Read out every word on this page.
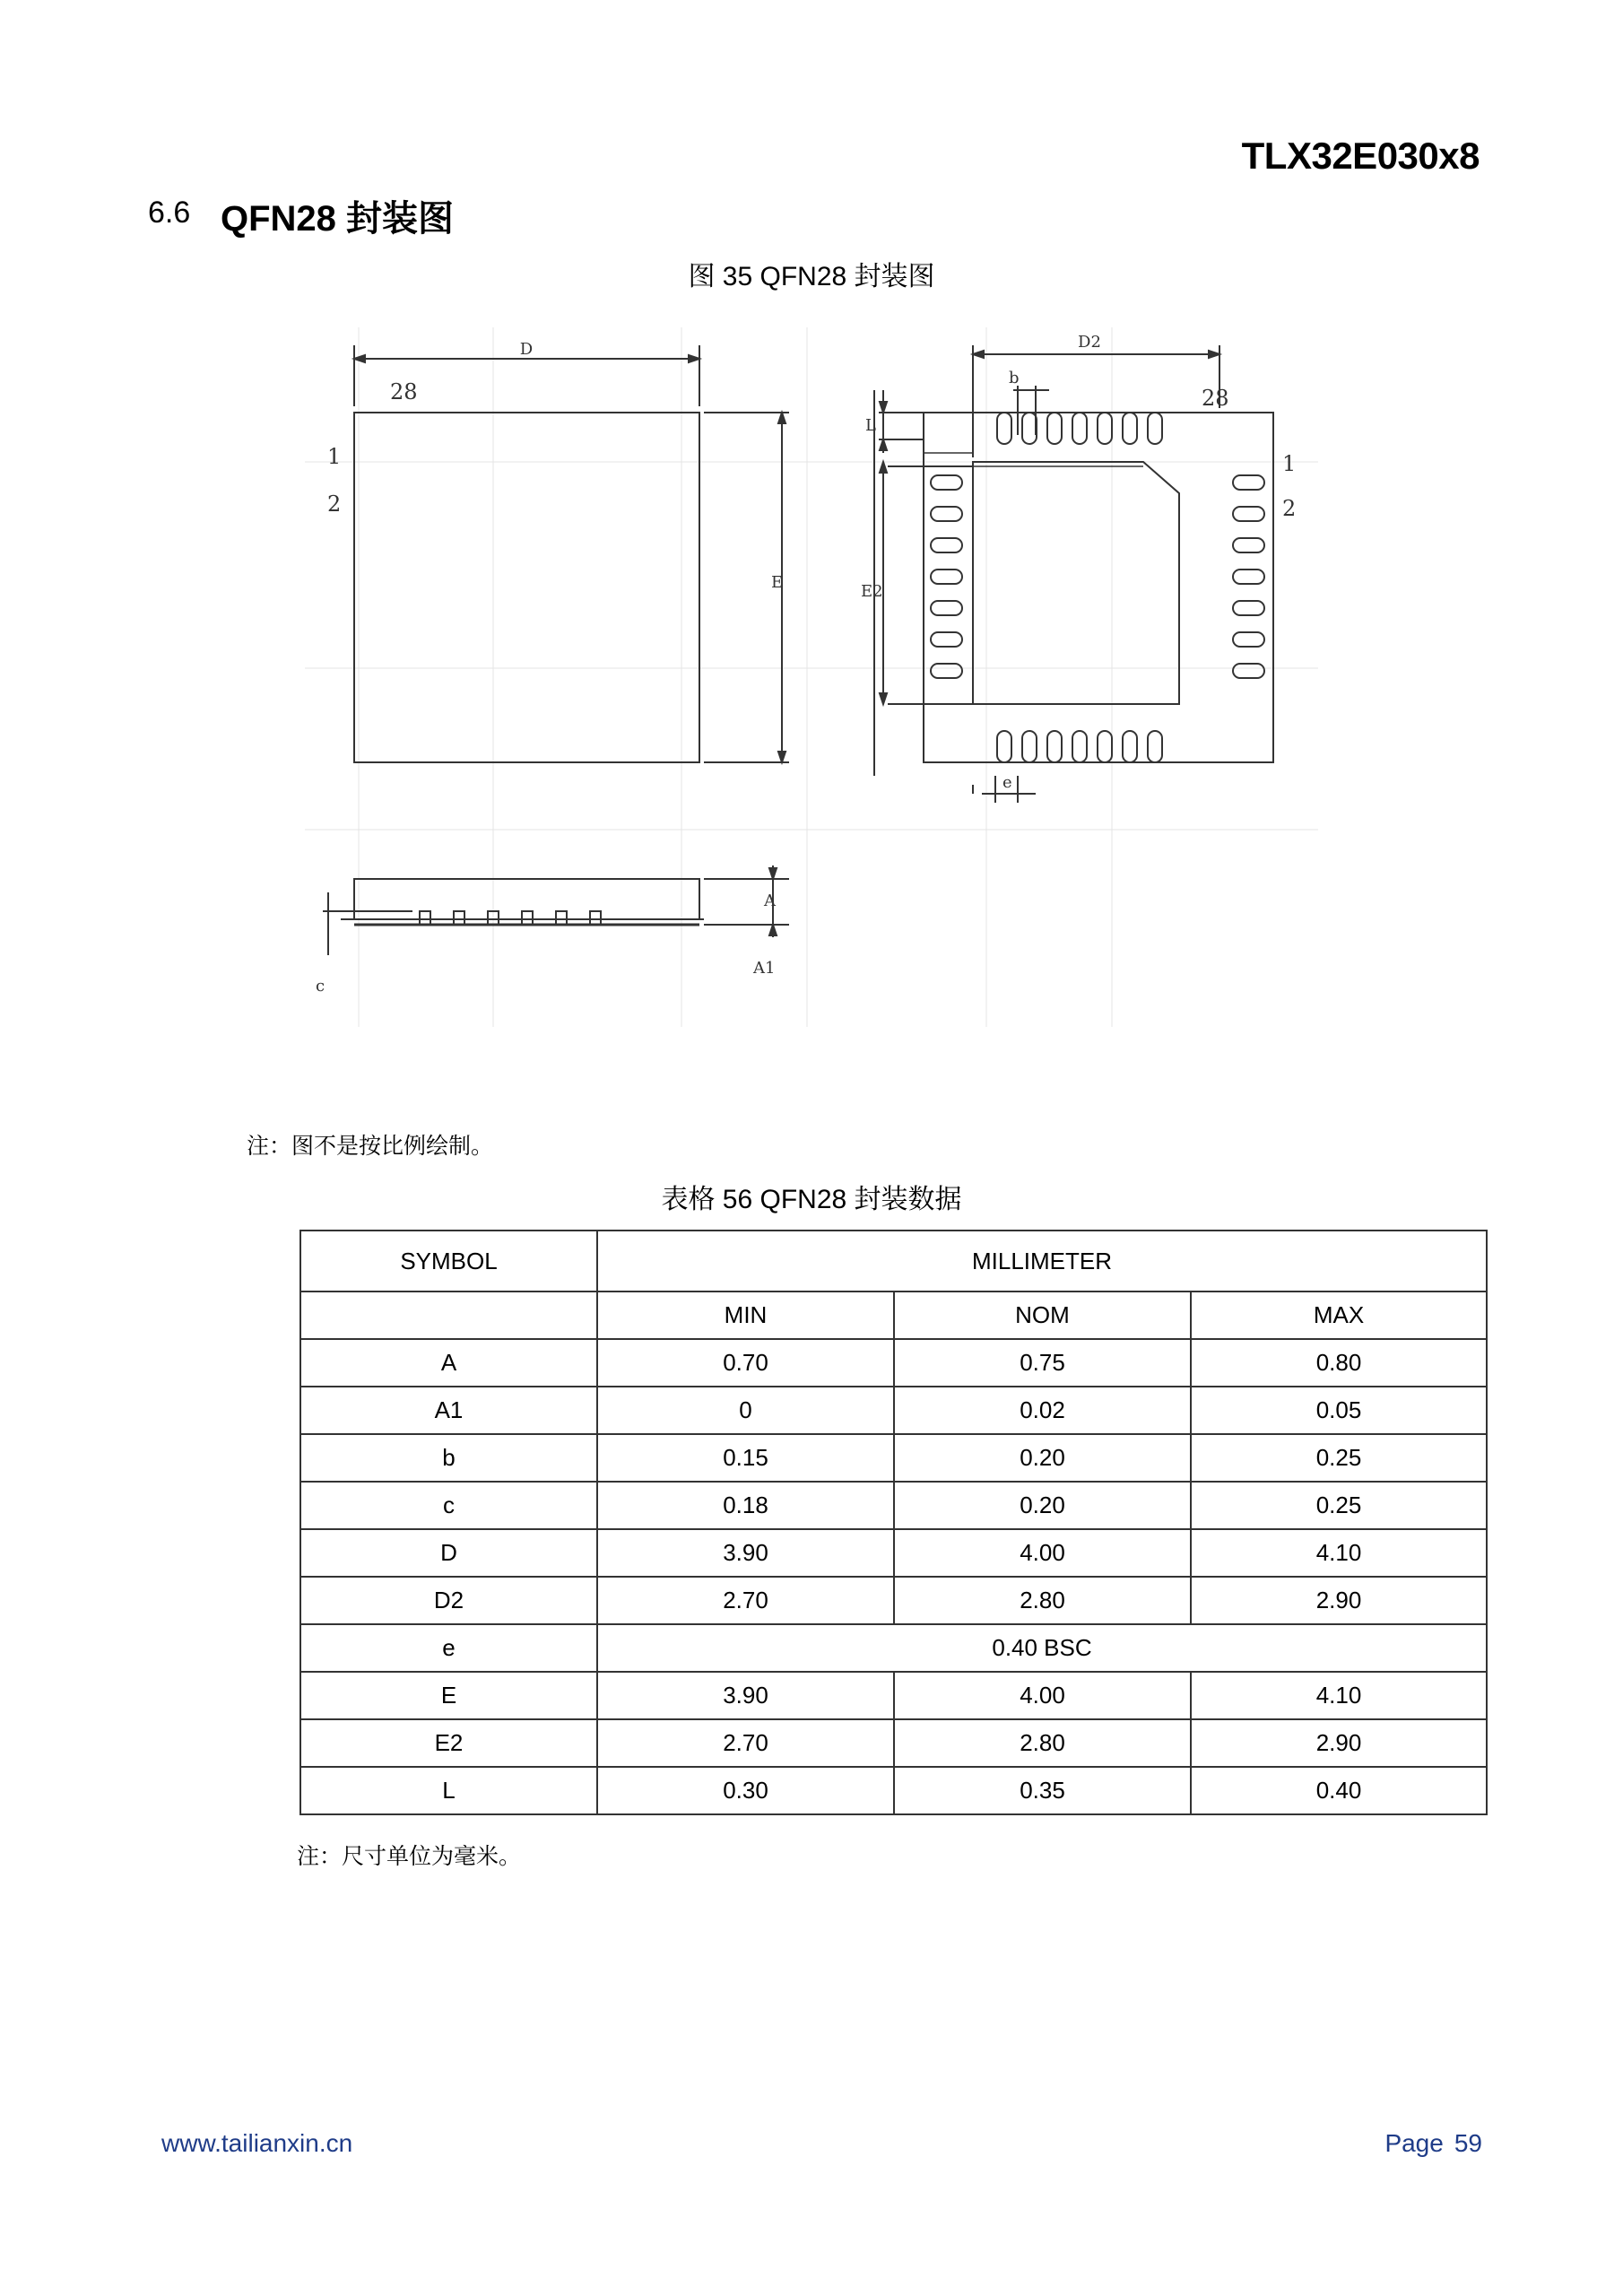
TLX32E030x8
6.6 QFN28 封装图
图 35 QFN28 封装图
D
28
1
2
E
D2
b
28
1
2
L
E2
e
A
A1
c
注：图不是按比例绘制。
表格 56 QFN28 封装数据
SYMBOL	MILLIMETER		
	MIN	NOM	MAX
A	0.70	0.75	0.80
A1	0	0.02	0.05
b	0.15	0.20	0.25
c	0.18	0.20	0.25
D	3.90	4.00	4.10
D2	2.70	2.80	2.90
e	0.40 BSC		
E	3.90	4.00	4.10
E2	2.70	2.80	2.90
L	0.30	0.35	0.40
注：尺寸单位为毫米。
www.tailianxin.cn	Page 59
